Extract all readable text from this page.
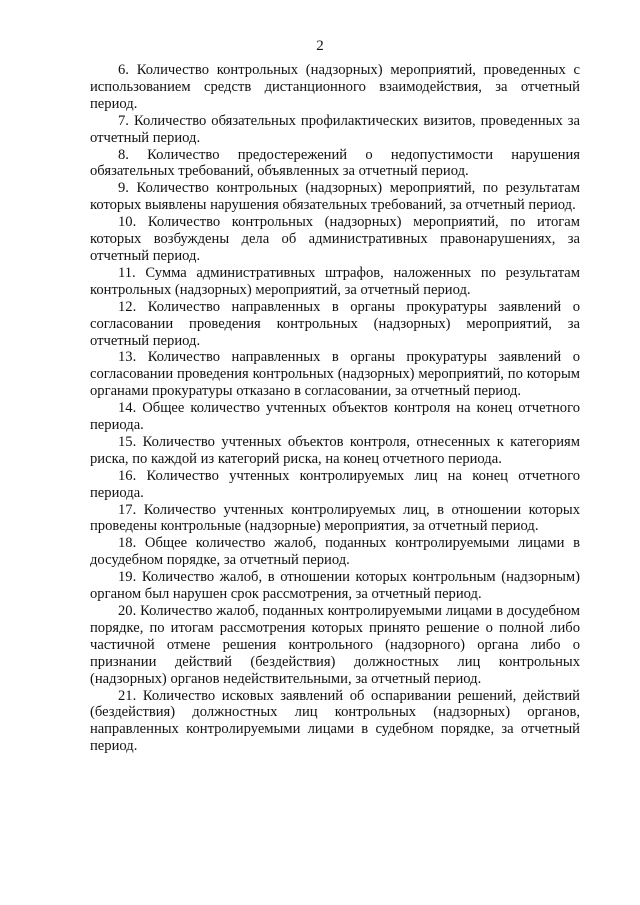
2

6. Количество контрольных (надзорных) мероприятий, проведенных с использованием средств дистанционного взаимодействия, за отчетный период.

7. Количество обязательных профилактических визитов, проведенных за отчетный период.

8. Количество предостережений о недопустимости нарушения обязательных требований, объявленных за отчетный период.

9. Количество контрольных (надзорных) мероприятий, по результатам которых выявлены нарушения обязательных требований, за отчетный период.

10. Количество контрольных (надзорных) мероприятий, по итогам которых возбуждены дела об административных правонарушениях, за отчетный период.

11. Сумма административных штрафов, наложенных по результатам контрольных (надзорных) мероприятий, за отчетный период.

12. Количество направленных в органы прокуратуры заявлений о согласовании проведения контрольных (надзорных) мероприятий, за отчетный период.

13. Количество направленных в органы прокуратуры заявлений о согласовании проведения контрольных (надзорных) мероприятий, по которым органами прокуратуры отказано в согласовании, за отчетный период.

14. Общее количество учтенных объектов контроля на конец отчетного периода.

15. Количество учтенных объектов контроля, отнесенных к категориям риска, по каждой из категорий риска, на конец отчетного периода.

16. Количество учтенных контролируемых лиц на конец отчетного периода.

17. Количество учтенных контролируемых лиц, в отношении которых проведены контрольные (надзорные) мероприятия, за отчетный период.

18. Общее количество жалоб, поданных контролируемыми лицами в досудебном порядке, за отчетный период.

19. Количество жалоб, в отношении которых контрольным (надзорным) органом был нарушен срок рассмотрения, за отчетный период.

20. Количество жалоб, поданных контролируемыми лицами в досудебном порядке, по итогам рассмотрения которых принято решение о полной либо частичной отмене решения контрольного (надзорного) органа либо о признании действий (бездействия) должностных лиц контрольных (надзорных) органов недействительными, за отчетный период.

21. Количество исковых заявлений об оспаривании решений, действий (бездействия) должностных лиц контрольных (надзорных) органов, направленных контролируемыми лицами в судебном порядке, за отчетный период.
